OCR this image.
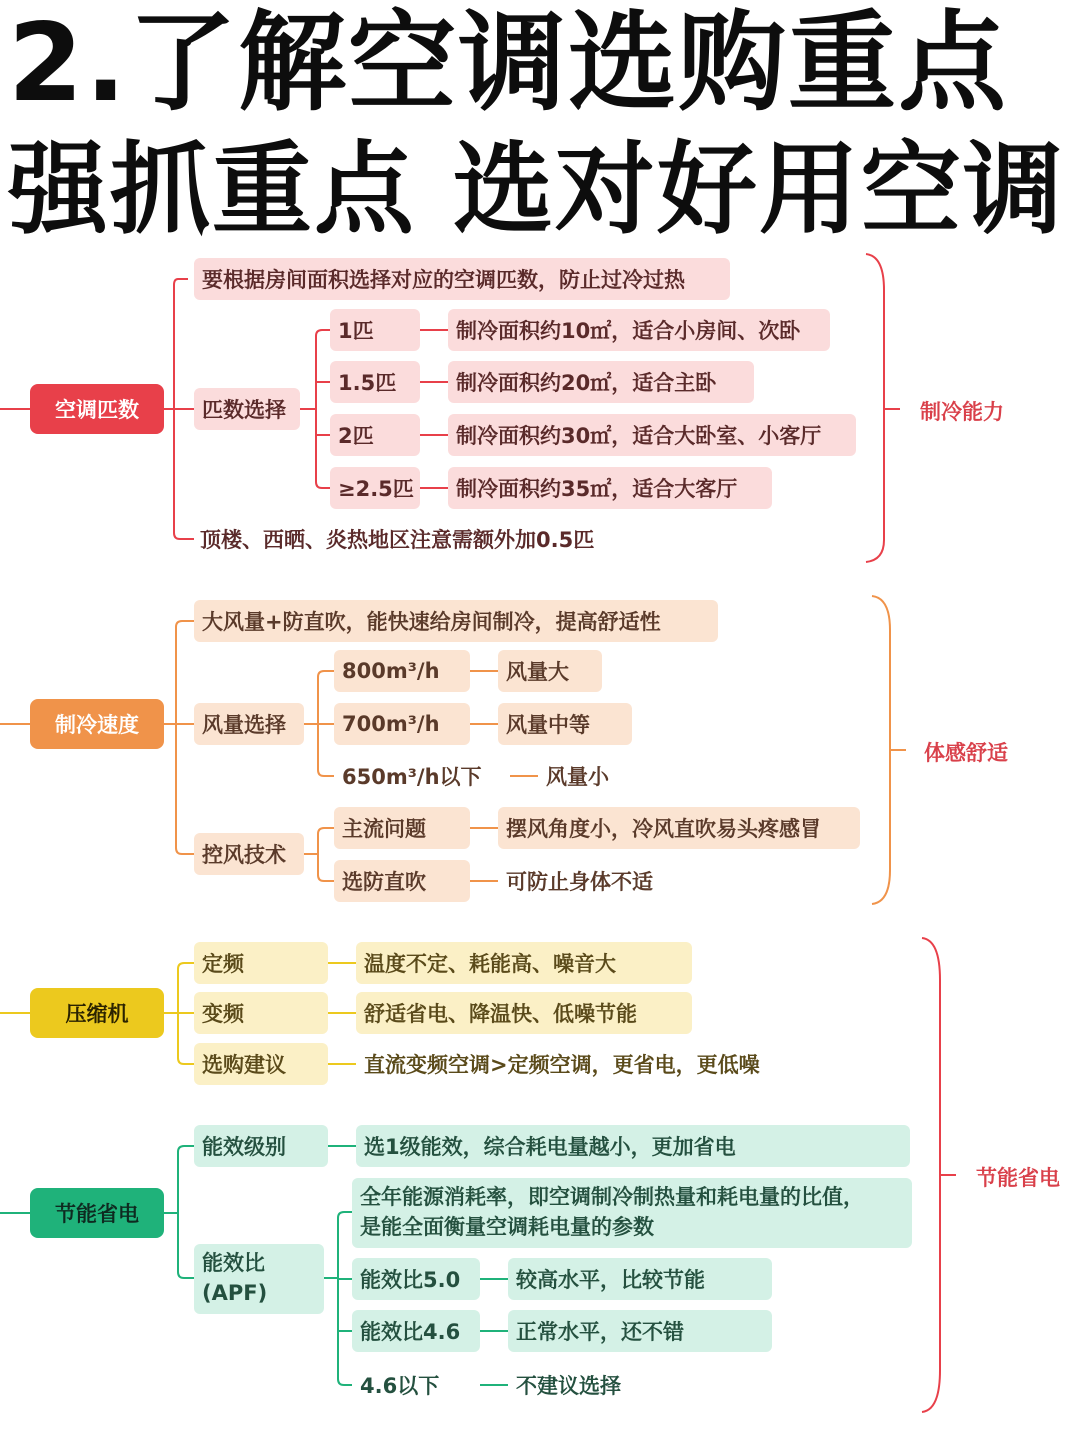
2.了解空调选购重点
强抓重点 选对好用空调
空调匹数
要根据房间面积选择对应的空调匹数，防止过冷过热
匹数选择
1匹	制冷面积约10㎡，适合小房间、次卧
1.5匹	制冷面积约20㎡，适合主卧
2匹	制冷面积约30㎡，适合大卧室、小客厅
≥2.5匹	制冷面积约35㎡，适合大客厅
顶楼、西晒、炎热地区注意需额外加0.5匹
制冷能力
制冷速度
大风量+防直吹，能快速给房间制冷，提高舒适性
风量选择
800m³/h	风量大
700m³/h	风量中等
650m³/h以下	风量小
控风技术
主流问题	摆风角度小，冷风直吹易头疼感冒
选防直吹	可防止身体不适
体感舒适
压缩机
定频	温度不定、耗能高、噪音大
变频	舒适省电、降温快、低噪节能
选购建议	直流变频空调>定频空调，更省电，更低噪
节能省电
能效级别	选1级能效，综合耗电量越小，更加省电
能效比
(APF)
全年能源消耗率，即空调制冷制热量和耗电量的比值，
是能全面衡量空调耗电量的参数
能效比5.0	较高水平，比较节能
能效比4.6	正常水平，还不错
4.6以下	不建议选择
节能省电
